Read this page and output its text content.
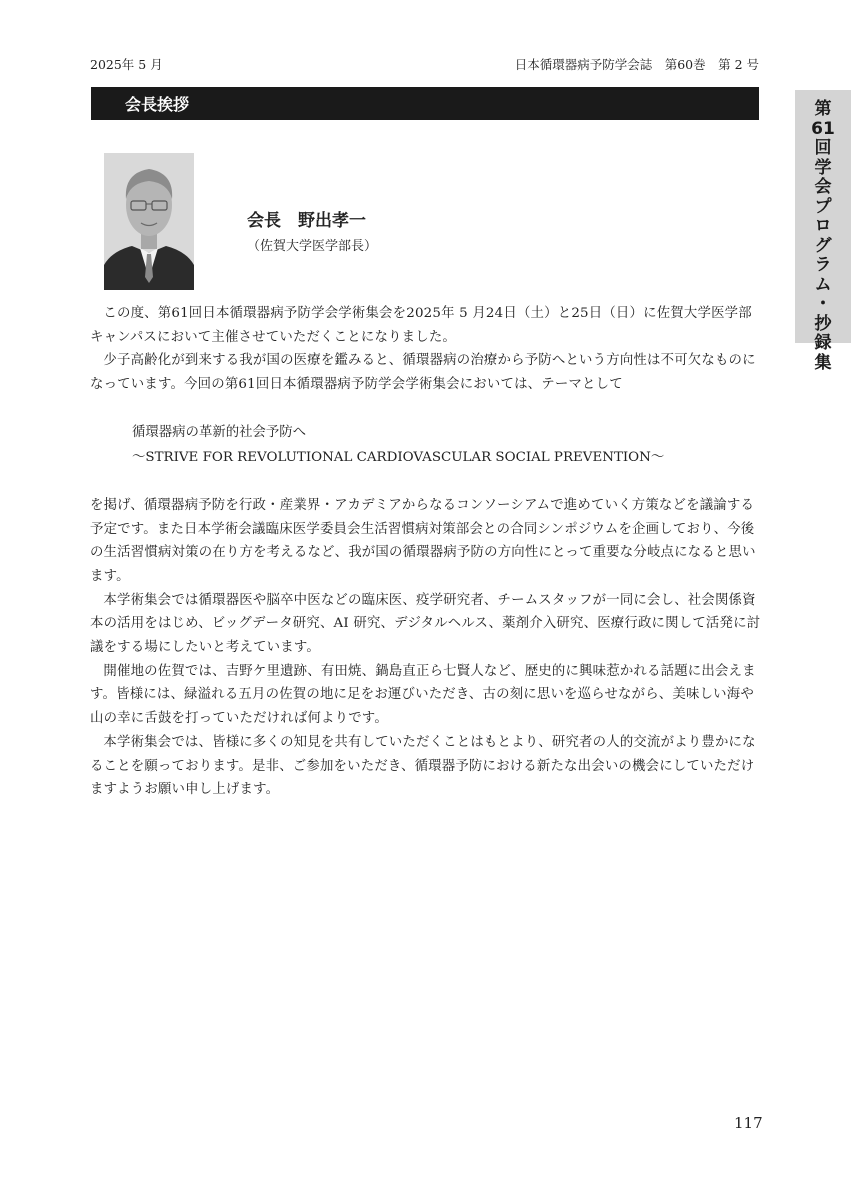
2025年 5 月	日本循環器病予防学会誌　第60巻　第 2 号
会長挨拶	第
61
回
学
会
プ
ロ
グ
ラ
ム
・
抄
録
集
会長　野出孝一
（佐賀大学医学部長）

この度、第61回日本循環器病予防学会学術集会を2025年 5 月24日（土）と25日（日）に佐賀大学医学部キャンパスにおいて主催させていただくことになりました。

少子高齢化が到来する我が国の医療を鑑みると、循環器病の治療から予防へという方向性は不可欠なものになっています。今回の第61回日本循環器病予防学会学術集会においては、テーマとして

循環器病の革新的社会予防へ
〜STRIVE FOR REVOLUTIONAL CARDIOVASCULAR SOCIAL PREVENTION〜

を掲げ、循環器病予防を行政・産業界・アカデミアからなるコンソーシアムで進めていく方策などを議論する予定です。また日本学術会議臨床医学委員会生活習慣病対策部会との合同シンポジウムを企画しており、今後の生活習慣病対策の在り方を考えるなど、我が国の循環器病予防の方向性にとって重要な分岐点になると思います。

本学術集会では循環器医や脳卒中医などの臨床医、疫学研究者、チームスタッフが一同に会し、社会関係資本の活用をはじめ、ビッグデータ研究、AI 研究、デジタルヘルス、薬剤介入研究、医療行政に関して活発に討議をする場にしたいと考えています。

開催地の佐賀では、吉野ケ里遺跡、有田焼、鍋島直正ら七賢人など、歴史的に興味惹かれる話題に出会えます。皆様には、緑溢れる五月の佐賀の地に足をお運びいただき、古の刻に思いを巡らせながら、美味しい海や山の幸に舌鼓を打っていただければ何よりです。

本学術集会では、皆様に多くの知見を共有していただくことはもとより、研究者の人的交流がより豊かになることを願っております。是非、ご参加をいただき、循環器予防における新たな出会いの機会にしていただけますようお願い申し上げます。

117
